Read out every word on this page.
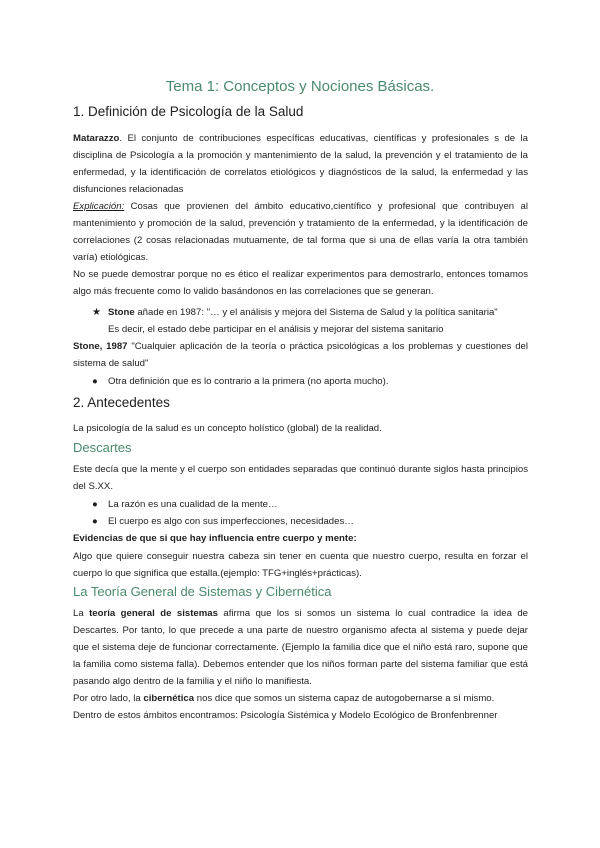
Tema 1: Conceptos y Nociones Básicas.
1. Definición de Psicología de la Salud

Matarazzo. El conjunto de contribuciones específicas educativas, científicas y profesionales s de la disciplina de Psicología a la promoción y mantenimiento de la salud, la prevención y el tratamiento de la enfermedad, y la identificación de correlatos etiológicos y diagnósticos de la salud, la enfermedad y las disfunciones relacionadas

Explicación: Cosas que provienen del ámbito educativo,científico y profesional que contribuyen al mantenimiento y promoción de la salud, prevención y tratamiento de la enfermedad, y la identificación de correlaciones (2 cosas relacionadas mutuamente, de tal forma que si una de ellas varía la otra también varía) etiológicas.

No se puede demostrar porque no es ético el realizar experimentos para demostrarlo, entonces tomamos algo más frecuente como lo valido basándonos en las correlaciones que se generan.

★ Stone añade en 1987: "… y el análisis y mejora del Sistema de Salud y la política sanitaria"
Es decir, el estado debe participar en el análisis y mejorar del sistema sanitario

Stone, 1987 "Cualquier aplicación de la teoría o práctica psicológicas a los problemas y cuestiones del sistema de salud"

● Otra definición que es lo contrario a la primera (no aporta mucho).
2. Antecedentes
La psicología de la salud es un concepto holístico (global) de la realidad.
Descartes
Este decía que la mente y el cuerpo son entidades separadas que continuó durante siglos hasta principios del S.XX.
● La razón es una cualidad de la mente…
● El cuerpo es algo con sus imperfecciones, necesidades…
Evidencias de que si que hay influencia entre cuerpo y mente:
Algo que quiere conseguir nuestra cabeza sin tener en cuenta que nuestro cuerpo, resulta en forzar el cuerpo lo que significa que estalla.(ejemplo: TFG+inglés+prácticas).
La Teoría General de Sistemas y Cibernética

La teoría general de sistemas afirma que los si somos un sistema lo cual contradice la idea de Descartes. Por tanto, lo que precede a una parte de nuestro organismo afecta al sistema y puede dejar que el sistema deje de funcionar correctamente. (Ejemplo la familia dice que el niño está raro, supone que la familia como sistema falla). Debemos entender que los niños forman parte del sistema familiar que está pasando algo dentro de la familia y el niño lo manifiesta.

Por otro lado, la cibernética nos dice que somos un sistema capaz de autogobernarse a sí mismo.

Dentro de estos ámbitos encontramos: Psicología Sistémica y Modelo Ecológico de Bronfenbrenner
